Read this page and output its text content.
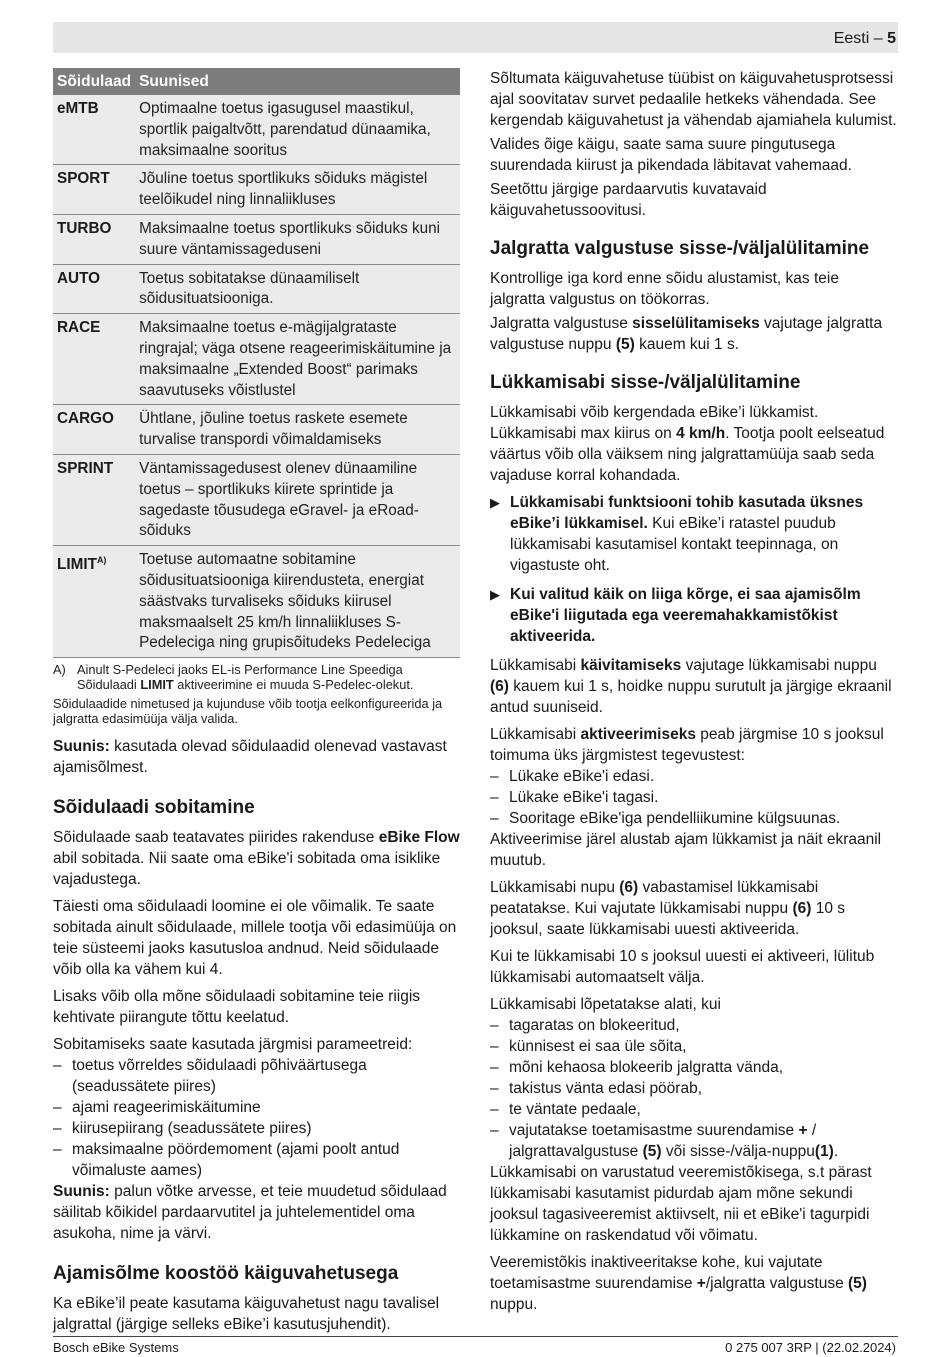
Eesti – 5
Sõidulaad	Suunised
eMTB	Optimaalne toetus igasugusel maastikul, sportlik paigaltvõtt, parendatud dünaamika, maksimaalne sooritus
SPORT	Jõuline toetus sportlikuks sõiduks mägistel teelõikudel ning linnaliikluses
TURBO	Maksimaalne toetus sportlikuks sõiduks kuni suure väntamissageduseni
AUTO	Toetus sobitatakse dünaamiliselt sõidusituatsiooniga.
RACE	Maksimaalne toetus e-mägijalgrataste ringrajal; väga otsene reageerimiskäitumine ja maksimaalne „Extended Boost“ parimaks saavutuseks võistlustel
CARGO	Ühtlane, jõuline toetus raskete esemete turvalise transpordi võimaldamiseks
SPRINT	Väntamissagedusest olenev dünaamiline toetus – sportlikuks kiirete sprintide ja sagedaste tõusudega eGravel- ja eRoad-sõiduks
$LIMIT^{A)}$	Toetuse automaatne sobitamine sõidusituatsiooniga kiirendusteta, energiat säästvaks turvaliseks sõiduks kiirusel maksmaalselt 25 km/h linnaliikluses S-Pedeleciga ning grupisõitudeks Pedeleciga
A) Ainult S-Pedeleci jaoks EL-is Performance Line Speediga Sõidulaadi LIMIT aktiveerimine ei muuda S-Pedelec-olekut.
Sõidulaadide nimetused ja kujunduse võib tootja eelkonfigureerida ja jalgratta edasimüüja välja valida.

Suunis: kasutada olevad sõidulaadid olenevad vastavast ajamisõlmest.

Sõidulaadi sobitamine

Sõidulaade saab teatavates piirides rakenduse eBike Flow abil sobitada. Nii saate oma eBike'i sobitada oma isiklike vajadustega.

Täiesti oma sõidulaadi loomine ei ole võimalik. Te saate sobitada ainult sõidulaade, millele tootja või edasimüüja on teie süsteemi jaoks kasutusloa andnud. Neid sõidulaade võib olla ka vähem kui 4.

Lisaks võib olla mõne sõidulaadi sobitamine teie riigis kehtivate piirangute tõttu keelatud.

Sobitamiseks saate kasutada järgmisi parameetreid:

– toetus võrreldes sõidulaadi põhiväärtusega (seadussätete piires)
– ajami reageerimiskäitumine
– kiirusepiirang (seadussätete piires)
– maksimaalne pöördemoment (ajami poolt antud võimaluste aames)

Suunis: palun võtke arvesse, et teie muudetud sõidulaad säilitab kõikidel pardaarvutitel ja juhtelementidel oma asukoha, nime ja värvi.

Ajamisõlme koostöö käiguvahetusega

Ka eBike’il peate kasutama käiguvahetust nagu tavalisel jalgrattal (järgige selleks eBike’i kasutusjuhendit).

Sõltumata käiguvahetuse tüübist on käiguvahetusprotsessi ajal soovitatav survet pedaalile hetkeks vähendada. See kergendab käiguvahetust ja vähendab ajamiahela kulumist.

Valides õige käigu, saate sama suure pingutusega suurendada kiirust ja pikendada läbitavat vahemaad.

Seetõttu järgige pardaarvutis kuvatavaid käiguvahetussoovitusi.

Jalgratta valgustuse sisse-/väljalülitamine

Kontrollige iga kord enne sõidu alustamist, kas teie jalgratta valgustus on töökorras.

Jalgratta valgustuse sisselülitamiseks vajutage jalgratta valgustuse nuppu (5) kauem kui 1 s.

Lükkamisabi sisse-/väljalülitamine

Lükkamisabi võib kergendada eBike’i lükkamist.

Lükkamisabi max kiirus on 4 km/h. Tootja poolt eelseatud väärtus võib olla väiksem ning jalgrattamüüja saab seda vajaduse korral kohandada.

▶ Lükkamisabi funktsiooni tohib kasutada üksnes eBike’i lükkamisel. Kui eBike’i ratastel puudub lükkamisabi kasutamisel kontakt teepinnaga, on vigastuste oht.
▶ Kui valitud käik on liiga kõrge, ei saa ajamisõlm eBike'i liigutada ega veeremahakkamistõkist aktiveerida.

Lükkamisabi käivitamiseks vajutage lükkamisabi nuppu (6) kauem kui 1 s, hoidke nuppu surutult ja järgige ekraanil antud suuniseid.

Lükkamisabi aktiveerimiseks peab järgmise 10 s jooksul toimuma üks järgmistest tegevustest:

– Lükake eBike'i edasi.
– Lükake eBike'i tagasi.
– Sooritage eBike'iga pendelliikumine külgsuunas.

Aktiveerimise järel alustab ajam lükkamist ja näit ekraanil muutub.

Lükkamisabi nupu (6) vabastamisel lükkamisabi peatatakse. Kui vajutate lükkamisabi nuppu (6) 10 s jooksul, saate lükkamisabi uuesti aktiveerida.

Kui te lükkamisabi 10 s jooksul uuesti ei aktiveeri, lülitub lükkamisabi automaatselt välja.

Lükkamisabi lõpetatakse alati, kui

– tagaratas on blokeeritud,
– künnisest ei saa üle sõita,
– mõni kehaosa blokeerib jalgratta vända,
– takistus vänta edasi pöörab,
– te väntate pedaale,
– vajutatakse toetamisastme suurendamise + / jalgrattavalgustuse (5) või sisse-/välja-nuppu(1).

Lükkamisabi on varustatud veeremistõkisega, s.t pärast lükkamisabi kasutamist pidurdab ajam mõne sekundi jooksul tagasiveeremist aktiivselt, nii et eBike'i tagurpidi lükkamine on raskendatud või võimatu.

Veeremistõkis inaktiveeritakse kohe, kui vajutate toetamisastme suurendamise +/jalgratta valgustuse (5) nuppu.

Bosch eBike Systems	0 275 007 3RP | (22.02.2024)
